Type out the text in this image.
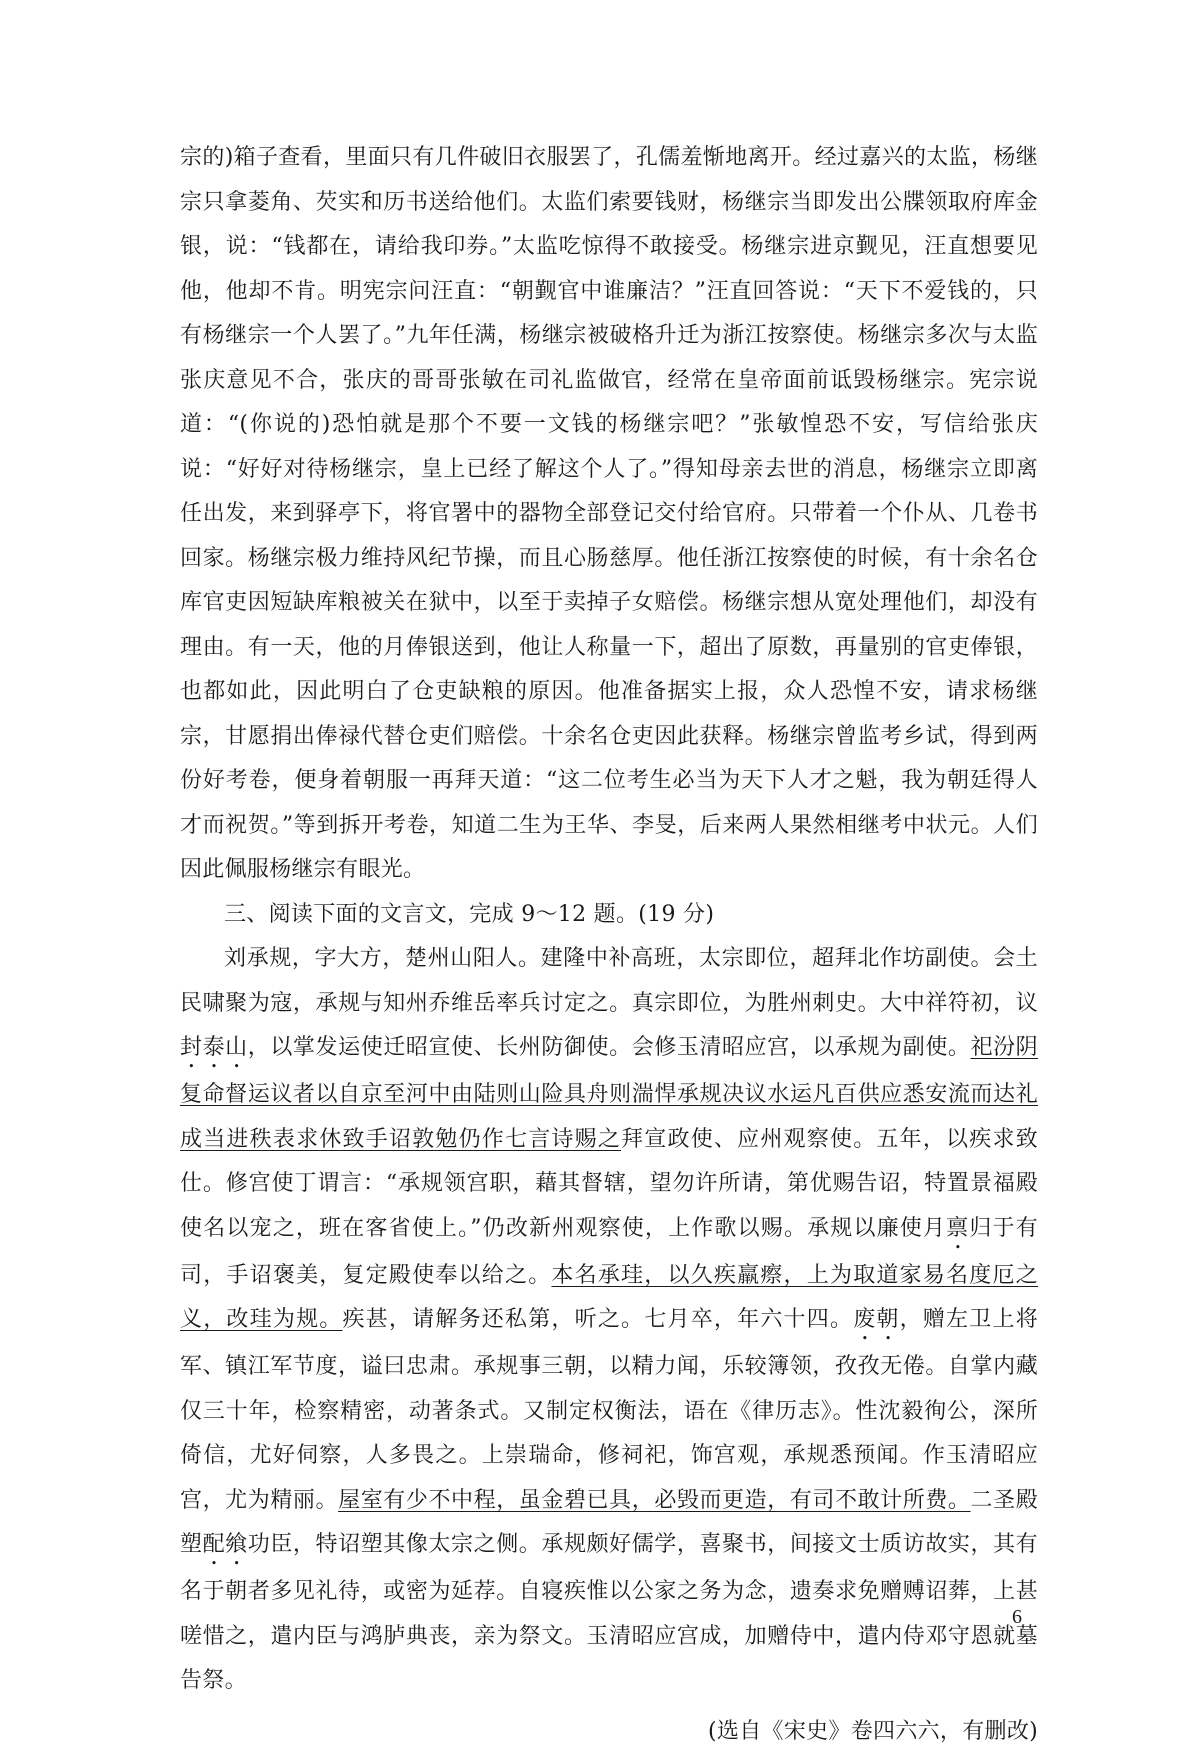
宗的)箱子查看，里面只有几件破旧衣服罢了，孔儒羞惭地离开。经过嘉兴的太监，杨继宗只拿菱角、芡实和历书送给他们。太监们索要钱财，杨继宗当即发出公牒领取府库金银，说：“钱都在，请给我印券。”太监吃惊得不敢接受。杨继宗进京觐见，汪直想要见他，他却不肯。明宪宗问汪直：“朝觐官中谁廉洁？”汪直回答说：“天下不爱钱的，只有杨继宗一个人罢了。”九年任满，杨继宗被破格升迁为浙江按察使。杨继宗多次与太监张庆意见不合，张庆的哥哥张敏在司礼监做官，经常在皇帝面前诋毁杨继宗。宪宗说道：“(你说的)恐怕就是那个不要一文钱的杨继宗吧？”张敏惶恐不安，写信给张庆说：“好好对待杨继宗，皇上已经了解这个人了。”得知母亲去世的消息，杨继宗立即离任出发，来到驿亭下，将官署中的器物全部登记交付给官府。只带着一个仆从、几卷书回家。杨继宗极力维持风纪节操，而且心肠慈厚。他任浙江按察使的时候，有十余名仓库官吏因短缺库粮被关在狱中，以至于卖掉子女赔偿。杨继宗想从宽处理他们，却没有理由。有一天，他的月俸银送到，他让人称量一下，超出了原数，再量别的官吏俸银，也都如此，因此明白了仓吏缺粮的原因。他准备据实上报，众人恐惶不安，请求杨继宗，甘愿捐出俸禄代替仓吏们赔偿。十余名仓吏因此获释。杨继宗曾监考乡试，得到两份好考卷，便身着朝服一再拜天道：“这二位考生必当为天下人才之魁，我为朝廷得人才而祝贺。”等到拆开考卷，知道二生为王华、李旻，后来两人果然相继考中状元。人们因此佩服杨继宗有眼光。

三、阅读下面的文言文，完成 9～12 题。(19 分)

刘承规，字大方，楚州山阳人。建隆中补高班，太宗即位，超拜北作坊副使。会土民啸聚为寇，承规与知州乔维岳率兵讨定之。真宗即位，为胜州刺史。大中祥符初，议封泰山，以掌发运使迁昭宣使、长州防御使。会修玉清昭应宫，以承规为副使。祀汾阴复命督运议者以自京至河中由陆则山险具舟则湍悍承规决议水运凡百供应悉安流而达礼成当进秩表求休致手诏敦勉仍作七言诗赐之拜宣政使、应州观察使。五年，以疾求致仕。修宫使丁谓言：“承规领宫职，藉其督辖，望勿许所请，第优赐告诏，特置景福殿使名以宠之，班在客省使上。”仍改新州观察使，上作歌以赐。承规以廉使月禀归于有司，手诏褒美，复定殿使奉以给之。本名承珪，以久疾羸瘵，上为取道家易名度厄之义，改珪为规。疾甚，请解务还私第，听之。七月卒，年六十四。废朝，赠左卫上将军、镇江军节度，谥曰忠肃。承规事三朝，以精力闻，乐较簿领，孜孜无倦。自掌内藏仅三十年，检察精密，动著条式。又制定权衡法，语在《律历志》。性沈毅徇公，深所倚信，尤好伺察，人多畏之。上崇瑞命，修祠祀，饰宫观，承规悉预闻。作玉清昭应宫，尤为精丽。屋室有少不中程，虽金碧已具，必毁而更造，有司不敢计所费。二圣殿塑配飨功臣，特诏塑其像太宗之侧。承规颇好儒学，喜聚书，间接文士质访故实，其有名于朝者多见礼待，或密为延荐。自寝疾惟以公家之务为念，遗奏求免赠赙诏葬，上甚嗟惜之，遣内臣与鸿胪典丧，亲为祭文。玉清昭应宫成，加赠侍中，遣内侍邓守恩就墓告祭。

(选自《宋史》卷四六六，有删改)

6
